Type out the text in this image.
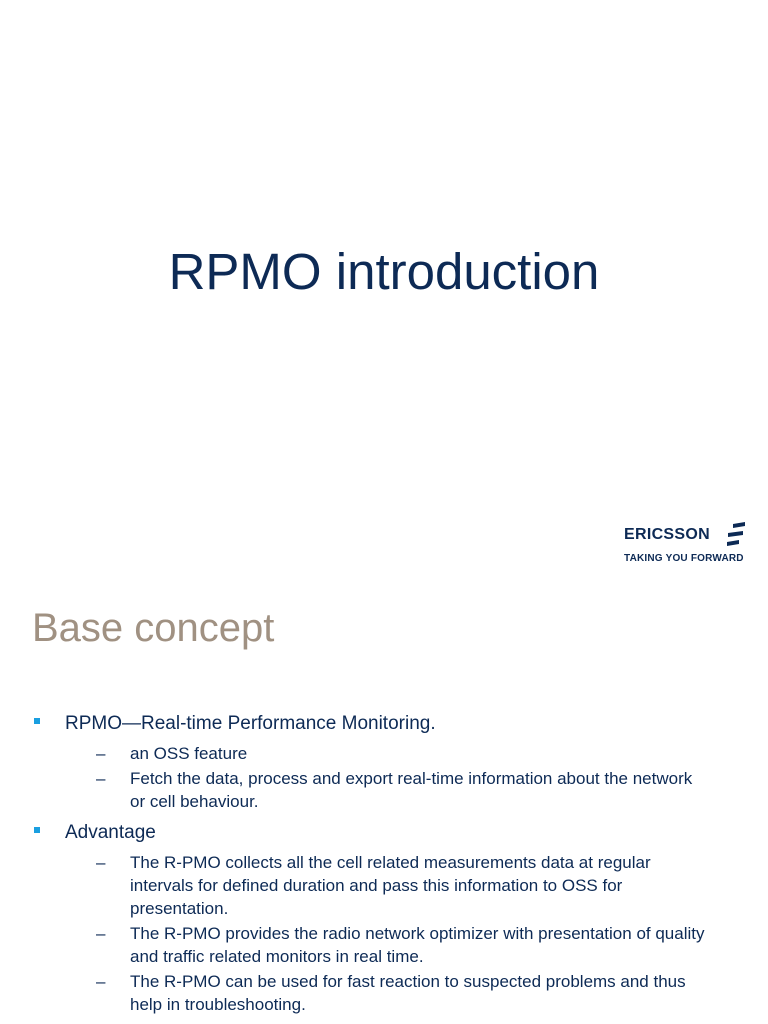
RPMO introduction
ERICSSON
TAKING YOU FORWARD
Base concept
RPMO—Real-time Performance Monitoring.
– an OSS feature
– Fetch the data, process and export real-time information about the network or cell behaviour.
Advantage
– The R-PMO collects all the cell related measurements data at regular intervals for defined duration and pass this information to OSS for presentation.
– The R-PMO provides the radio network optimizer with presentation of quality and traffic related monitors in real time.
– The R-PMO can be used for fast reaction to suspected problems and thus help in troubleshooting.
